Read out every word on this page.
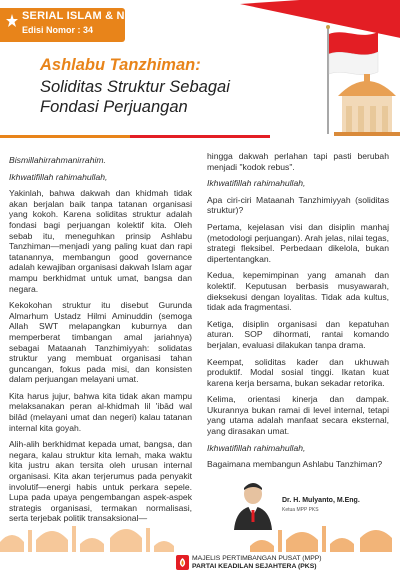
SERIAL ISLAM & NKRI
Edisi Nomor : 34
Ashlabu Tanzhiman:
Soliditas Struktur Sebagai
Fondasi Perjuangan

Bismillahirrahmanirrahim.

Ikhwatifillah rahimahullah,

Yakinlah, bahwa dakwah dan khidmah tidak akan berjalan baik tanpa tatanan organisasi yang kokoh. Karena soliditas struktur adalah fondasi bagi perjuangan kolektif kita. Oleh sebab itu, meneguhkan prinsip Ashlabu Tanzhiman—menjadi yang paling kuat dan rapi tatanannya, membangun good governance adalah kewajiban organisasi dakwah Islam agar mampu berkhidmat untuk umat, bangsa dan negara.

Kekokohan struktur itu disebut Gurunda Almarhum Ustadz Hilmi Aminuddin (semoga Allah SWT melapangkan kuburnya dan memperberat timbangan amal jariahnya) sebagai Mataanah Tanzhimiyyah: solidatas struktur yang membuat organisasi tahan guncangan, fokus pada misi, dan konsisten dalam perjuangan melayani umat.

Kita harus jujur, bahwa kita tidak akan mampu melaksanakan peran al-khidmah lil 'ibād wal bilād (melayani umat dan negeri) kalau tatanan internal kita goyah.

Alih-alih berkhidmat kepada umat, bangsa, dan negara, kalau struktur kita lemah, maka waktu kita justru akan tersita oleh urusan internal organisasi. Kita akan terjerumus pada penyakit involutif—energi habis untuk perkara sepele. Lupa pada upaya pengembangan aspek-aspek strategis organisasi, termakan normalisasi, serta terjebak politik transaksional—

hingga dakwah perlahan tapi pasti berubah menjadi "kodok rebus".

Ikhwatifillah rahimahullah,

Apa ciri-ciri Mataanah Tanzhimiyyah (soliditas struktur)?

Pertama, kejelasan visi dan disiplin manhaj (metodologi perjuangan). Arah jelas, nilai tegas, strategi fleksibel. Perbedaan dikelola, bukan dipertentangkan.

Kedua, kepemimpinan yang amanah dan kolektif. Keputusan berbasis musyawarah, dieksekusi dengan loyalitas. Tidak ada kultus, tidak ada fragmentasi.

Ketiga, disiplin organisasi dan kepatuhan aturan. SOP dihormati, rantai komando berjalan, evaluasi dilakukan tanpa drama.

Keempat, soliditas kader dan ukhuwah produktif. Modal sosial tinggi. Ikatan kuat karena kerja bersama, bukan sekadar retorika.

Kelima, orientasi kinerja dan dampak. Ukurannya bukan ramai di level internal, tetapi yang utama adalah manfaat secara eksternal, yang dirasakan umat.

Ikhwatifillah rahimahullah,

Bagaimana membangun Ashlabu Tanzhiman?

MAJELIS PERTIMBANGAN PUSAT (MPP)
PARTAI KEADILAN SEJAHTERA (PKS)
Dr. H. Mulyanto, M.Eng.
Ketua MPP PKS
